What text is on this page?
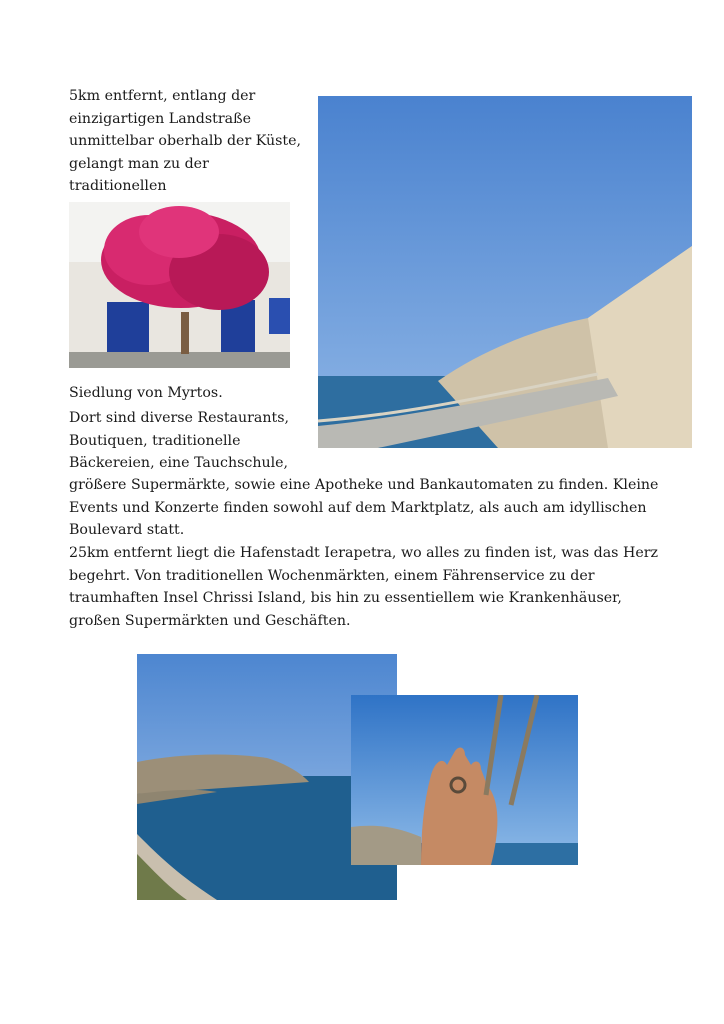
5km entfernt, entlang der einzigartigen Landstraße unmittelbar oberhalb der Küste, gelangt man zu der traditionellen
Siedlung von Myrtos.
Dort sind diverse Restaurants, Boutiquen, traditionelle Bäckereien, eine Tauchschule,
größere Supermärkte, sowie eine Apotheke und Bankautomaten zu finden. Kleine Events und Konzerte finden sowohl auf dem Marktplatz, als auch am idyllischen Boulevard statt.
25km entfernt liegt die Hafenstadt Ierapetra, wo alles zu finden ist, was das Herz begehrt. Von traditionellen Wochenmärkten, einem Fährenservice zu der traumhaften Insel Chrissi Island, bis hin zu essentiellem wie Krankenhäuser, großen Supermärkten und Geschäften.
